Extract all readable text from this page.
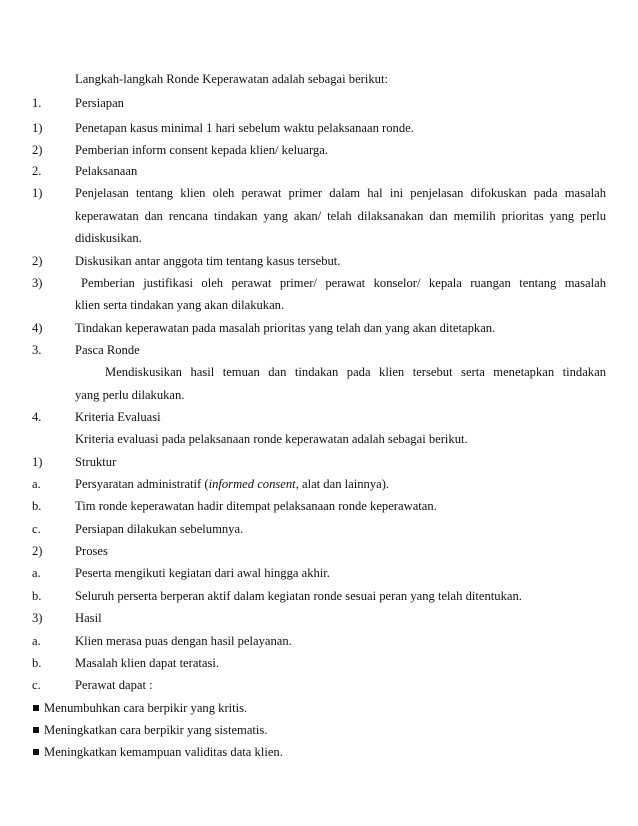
Langkah-langkah Ronde Keperawatan adalah sebagai berikut:
1.	Persiapan
1)	Penetapan kasus minimal 1 hari sebelum waktu pelaksanaan ronde.
2)	Pemberian inform consent kepada klien/ keluarga.
2.	Pelaksanaan
1)	Penjelasan tentang klien oleh perawat primer dalam hal ini penjelasan difokuskan pada masalah
keperawatan dan rencana tindakan yang akan/ telah dilaksanakan dan memilih prioritas yang perlu
didiskusikan.
2)	Diskusikan antar anggota tim tentang kasus tersebut.
3)	Pemberian justifikasi oleh perawat primer/ perawat konselor/ kepala ruangan tentang masalah
klien serta tindakan yang akan dilakukan.
4)	Tindakan keperawatan pada masalah prioritas yang telah dan yang akan ditetapkan.
3.	Pasca Ronde
Mendiskusikan hasil temuan dan tindakan pada klien tersebut serta menetapkan tindakan
yang perlu dilakukan.
4.	Kriteria Evaluasi
Kriteria evaluasi pada pelaksanaan ronde keperawatan adalah sebagai berikut.
1)	Struktur
a.	Persyaratan administratif (informed consent, alat dan lainnya).
b.	Tim ronde keperawatan hadir ditempat pelaksanaan ronde keperawatan.
c.	Persiapan dilakukan sebelumnya.
2)	Proses
a.	Peserta mengikuti kegiatan dari awal hingga akhir.
b.	Seluruh perserta berperan aktif dalam kegiatan ronde sesuai peran yang telah ditentukan.
3)	Hasil
a.	Klien merasa puas dengan hasil pelayanan.
b.	Masalah klien dapat teratasi.
c.	Perawat dapat :
Menumbuhkan cara berpikir yang kritis.
Meningkatkan cara berpikir yang sistematis.
Meningkatkan kemampuan validitas data klien.
